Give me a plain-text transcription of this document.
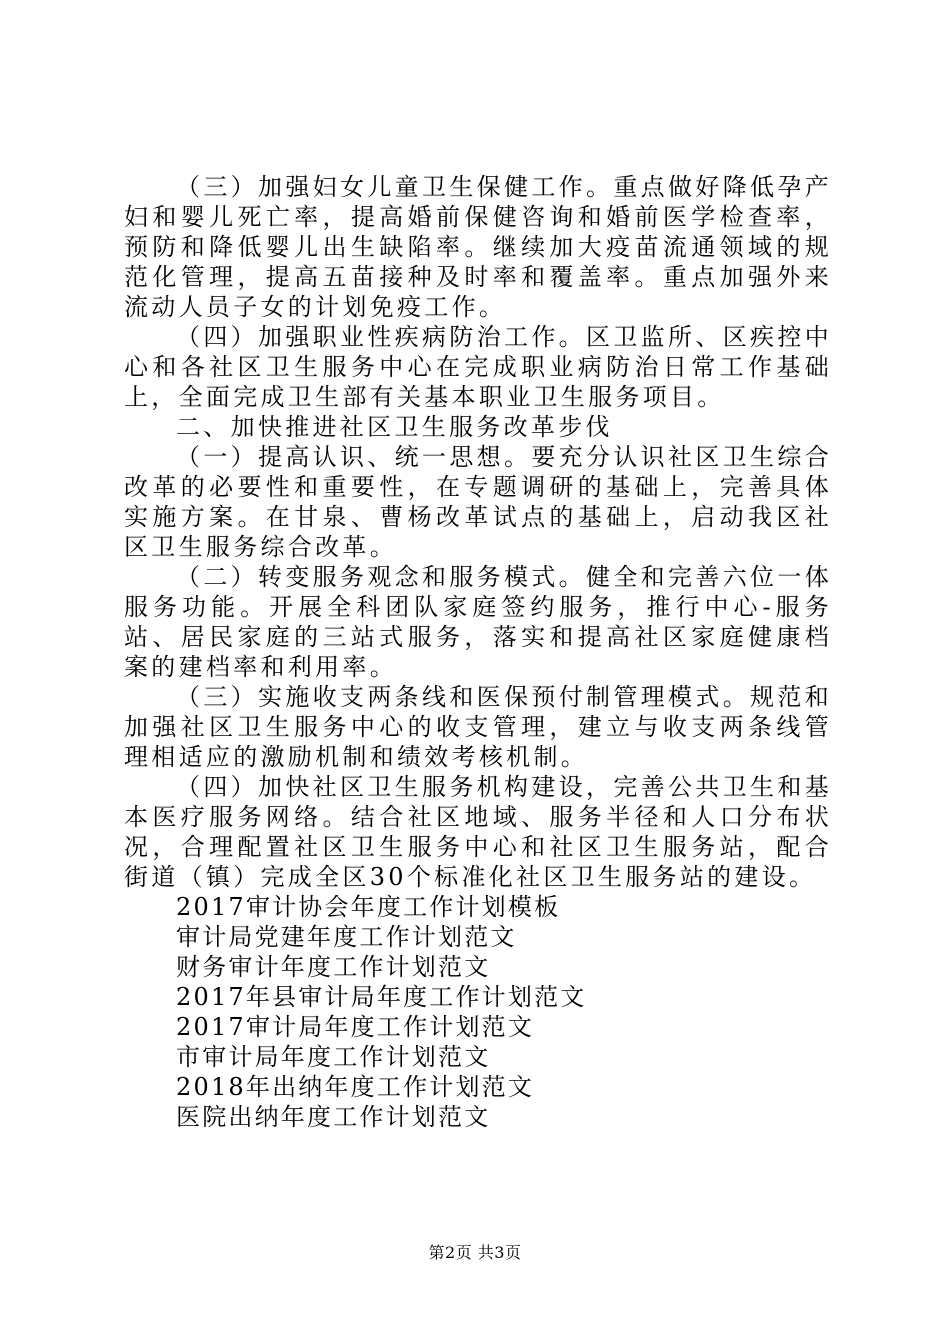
（三）加强妇女儿童卫生保健工作。重点做好降低孕产妇和婴儿死亡率，提高婚前保健咨询和婚前医学检查率，预防和降低婴儿出生缺陷率。继续加大疫苗流通领域的规范化管理，提高五苗接种及时率和覆盖率。重点加强外来流动人员子女的计划免疫工作。

（四）加强职业性疾病防治工作。区卫监所、区疾控中心和各社区卫生服务中心在完成职业病防治日常工作基础上，全面完成卫生部有关基本职业卫生服务项目。

二、加快推进社区卫生服务改革步伐

（一）提高认识、统一思想。要充分认识社区卫生综合改革的必要性和重要性，在专题调研的基础上，完善具体实施方案。在甘泉、曹杨改革试点的基础上，启动我区社区卫生服务综合改革。

（二）转变服务观念和服务模式。健全和完善六位一体服务功能。开展全科团队家庭签约服务，推行中心-服务站、居民家庭的三站式服务，落实和提高社区家庭健康档案的建档率和利用率。

（三）实施收支两条线和医保预付制管理模式。规范和加强社区卫生服务中心的收支管理，建立与收支两条线管理相适应的激励机制和绩效考核机制。

（四）加快社区卫生服务机构建设，完善公共卫生和基本医疗服务网络。结合社区地域、服务半径和人口分布状况，合理配置社区卫生服务中心和社区卫生服务站，配合街道（镇）完成全区30个标准化社区卫生服务站的建设。

2017审计协会年度工作计划模板
审计局党建年度工作计划范文
财务审计年度工作计划范文
2017年县审计局年度工作计划范文
2017审计局年度工作计划范文
市审计局年度工作计划范文
2018年出纳年度工作计划范文
医院出纳年度工作计划范文
第2页 共3页
